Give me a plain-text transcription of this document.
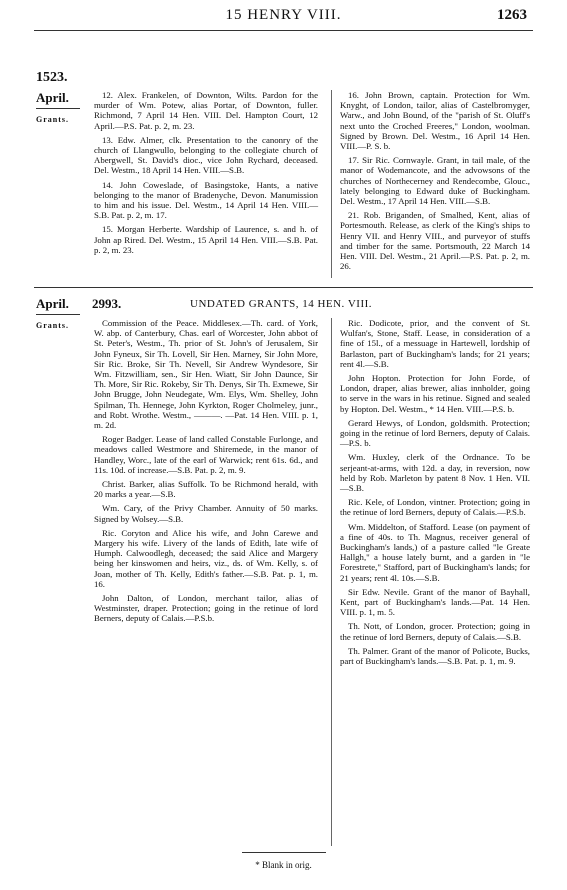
15 HENRY VIII.	1263
1523.
April.
Grants.

12. Alex. Frankelen, of Downton, Wilts. Pardon for the murder of Wm. Potew, alias Portar, of Downton, fuller. Richmond, 7 April 14 Hen. VIII. Del. Hampton Court, 12 April.—P.S. Pat. p. 2, m. 23.

13. Edw. Almer, clk. Presentation to the canonry of the church of Llangwullo, belonging to the collegiate church of Abergwell, St. David's dioc., vice John Rychard, deceased. Del. Westm., 18 April 14 Hen. VIII.—S.B.

14. John Coweslade, of Basingstoke, Hants, a native belonging to the manor of Bradenyche, Devon. Manumission to him and his issue. Del. Westm., 14 April 14 Hen. VIII.—S.B. Pat. p. 2, m. 17.

15. Morgan Herberte. Wardship of Laurence, s. and h. of John ap Rired. Del. Westm., 15 April 14 Hen. VIII.—S.B. Pat. p. 2, m. 23.

16. John Brown, captain. Protection for Wm. Knyght, of London, tailor, alias of Castelbromyger, Warw., and John Bound, of the "parish of St. Oluff's next unto the Croched Freeres," London, woolman. Signed by Brown. Del. Westm., 16 April 14 Hen. VIII.—P. S. b.

17. Sir Ric. Cornwayle. Grant, in tail male, of the manor of Wodemancote, and the advowsons of the churches of Northecerney and Rendecombe, Glouc., lately belonging to Edward duke of Buckingham. Del. Westm., 17 April 14 Hen. VIII.—S.B.

21. Rob. Briganden, of Smalhed, Kent, alias of Portesmouth. Release, as clerk of the King's ships to Henry VII. and Henry VIII., and purveyor of stuffs and timber for the same. Portsmouth, 22 March 14 Hen. VIII. Del. Westm., 21 April.—P.S. Pat. p. 2, m. 26.

April.
Grants.
2993.	UNDATED GRANTS, 14 HEN. VIII.

Commission of the Peace. Middlesex.—Th. card. of York, W. abp. of Canterbury, Chas. earl of Worcester, John abbot of St. Peter's, Westm., Th. prior of St. John's of Jerusalem, Sir John Fyneux, Sir Th. Lovell, Sir Hen. Marney, Sir John More, Sir Ric. Broke, Sir Th. Nevell, Sir Andrew Wyndesore, Sir Wm. Fitzwilliam, sen., Sir Hen. Wiatt, Sir John Daunce, Sir Th. More, Sir Ric. Rokeby, Sir Th. Denys, Sir Th. Exmewe, Sir John Brugge, John Neudegate, Wm. Elys, Wm. Shelley, John Spilman, Th. Hennege, John Kyrkton, Roger Cholmeley, junr., and Robt. Wrothe. Westm., ———. —Pat. 14 Hen. VIII. p. 1, m. 2d.

Roger Badger. Lease of land called Constable Furlonge, and meadows called Westmore and Shiremede, in the manor of Handley, Worc., late of the earl of Warwick; rent 61s. 6d., and 11s. 10d. of increase.—S.B. Pat. p. 2, m. 9.

Christ. Barker, alias Suffolk. To be Richmond herald, with 20 marks a year.—S.B.

Wm. Cary, of the Privy Chamber. Annuity of 50 marks. Signed by Wolsey.—S.B.

Ric. Coryton and Alice his wife, and John Carewe and Margery his wife. Livery of the lands of Edith, late wife of Humph. Calwoodlegh, deceased; the said Alice and Margery being her kinswomen and heirs, viz., ds. of Wm. Kelly, s. of Joan, mother of Th. Kelly, Edith's father.—S.B. Pat. p. 1, m. 16.

John Dalton, of London, merchant tailor, alias of Westminster, draper. Protection; going in the retinue of lord Berners, deputy of Calais.—P.S.b.

Ric. Dodicote, prior, and the convent of St. Wulfan's, Stone, Staff. Lease, in consideration of a fine of 15l., of a messuage in Hartewell, lordship of Barlaston, part of Buckingham's lands; for 21 years; rent 4l.—S.B.

John Hopton. Protection for John Forde, of London, draper, alias brewer, alias innholder, going to serve in the wars in his retinue. Signed and sealed by Hopton. Del. Westm., * 14 Hen. VIII.—P.S. b.

Gerard Hewys, of London, goldsmith. Protection; going in the retinue of lord Berners, deputy of Calais.—P.S. b.

Wm. Huxley, clerk of the Ordnance. To be serjeant-at-arms, with 12d. a day, in reversion, now held by Rob. Marleton by patent 8 Nov. 1 Hen. VII.—S.B.

Ric. Kele, of London, vintner. Protection; going in the retinue of lord Berners, deputy of Calais.—P.S.b.

Wm. Middelton, of Stafford. Lease (on payment of a fine of 40s. to Th. Magnus, receiver general of Buckingham's lands,) of a pasture called "le Greate Hallgh," a house lately burnt, and a garden in "le Forestrete," Stafford, part of Buckingham's lands; for 21 years; rent 4l. 10s.—S.B.

Sir Edw. Nevile. Grant of the manor of Bayhall, Kent, part of Buckingham's lands.—Pat. 14 Hen. VIII. p. 1, m. 5.

Th. Nott, of London, grocer. Protection; going in the retinue of lord Berners, deputy of Calais.—S.B.

Th. Palmer. Grant of the manor of Policote, Bucks, part of Buckingham's lands.—S.B. Pat. p. 1, m. 9.

* Blank in orig.
